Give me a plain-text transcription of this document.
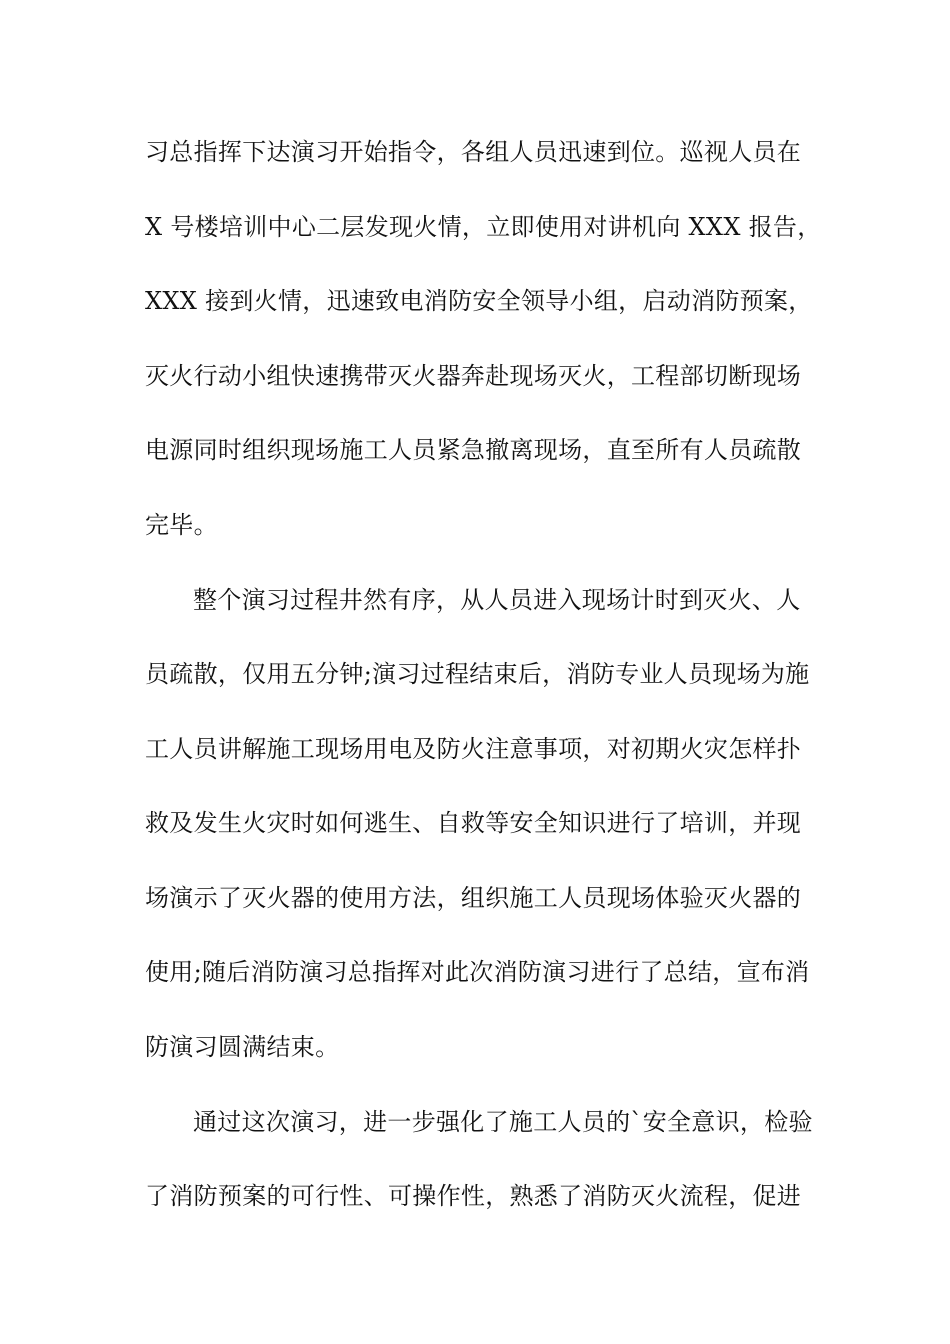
习总指挥下达演习开始指令，各组人员迅速到位。巡视人员在
X 号楼培训中心二层发现火情，立即使用对讲机向 XXX 报告，
XXX 接到火情，迅速致电消防安全领导小组，启动消防预案，
灭火行动小组快速携带灭火器奔赴现场灭火，工程部切断现场
电源同时组织现场施工人员紧急撤离现场，直至所有人员疏散
完毕。
整个演习过程井然有序，从人员进入现场计时到灭火、人
员疏散，仅用五分钟;演习过程结束后，消防专业人员现场为施
工人员讲解施工现场用电及防火注意事项，对初期火灾怎样扑
救及发生火灾时如何逃生、自救等安全知识进行了培训，并现
场演示了灭火器的使用方法，组织施工人员现场体验灭火器的
使用;随后消防演习总指挥对此次消防演习进行了总结，宣布消
防演习圆满结束。
通过这次演习，进一步强化了施工人员的`安全意识，检验
了消防预案的可行性、可操作性，熟悉了消防灭火流程，促进
